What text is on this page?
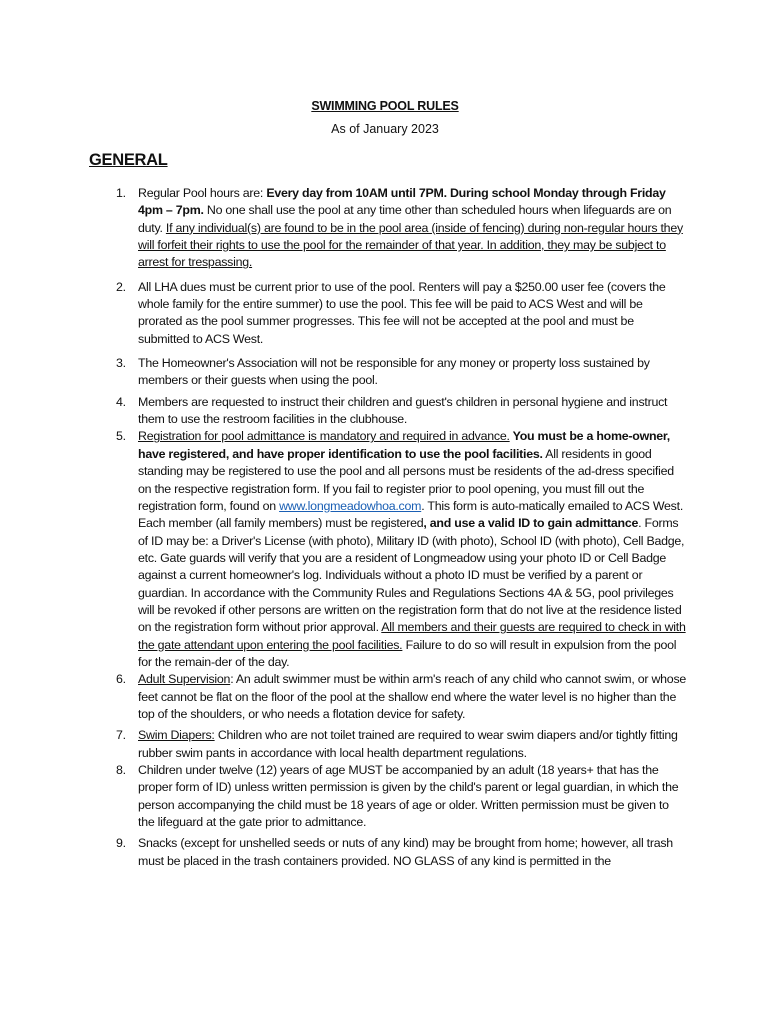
SWIMMING POOL RULES
As of January 2023
GENERAL
1. Regular Pool hours are: Every day from 10AM until 7PM. During school Monday through Friday 4pm – 7pm. No one shall use the pool at any time other than scheduled hours when lifeguards are on duty. If any individual(s) are found to be in the pool area (inside of fencing) during non-regular hours they will forfeit their rights to use the pool for the remainder of that year. In addition, they may be subject to arrest for trespassing.
2. All LHA dues must be current prior to use of the pool. Renters will pay a $250.00 user fee (covers the whole family for the entire summer) to use the pool. This fee will be paid to ACS West and will be prorated as the pool summer progresses. This fee will not be accepted at the pool and must be submitted to ACS West.
3. The Homeowner's Association will not be responsible for any money or property loss sustained by members or their guests when using the pool.
4. Members are requested to instruct their children and guest's children in personal hygiene and instruct them to use the restroom facilities in the clubhouse.
5. Registration for pool admittance is mandatory and required in advance. You must be a home-owner, have registered, and have proper identification to use the pool facilities. All residents in good standing may be registered to use the pool and all persons must be residents of the ad-dress specified on the respective registration form. If you fail to register prior to pool opening, you must fill out the registration form, found on www.longmeadowhoa.com. This form is auto-matically emailed to ACS West. Each member (all family members) must be registered, and use a valid ID to gain admittance. Forms of ID may be: a Driver's License (with photo), Military ID (with photo), School ID (with photo), Cell Badge, etc. Gate guards will verify that you are a resident of Longmeadow using your photo ID or Cell Badge against a current homeowner's log. Individuals without a photo ID must be verified by a parent or guardian. In accordance with the Community Rules and Regulations Sections 4A & 5G, pool privileges will be revoked if other persons are written on the registration form that do not live at the residence listed on the registration form without prior approval. All members and their guests are required to check in with the gate attendant upon entering the pool facilities. Failure to do so will result in expulsion from the pool for the remain-der of the day.
6. Adult Supervision: An adult swimmer must be within arm's reach of any child who cannot swim, or whose feet cannot be flat on the floor of the pool at the shallow end where the water level is no higher than the top of the shoulders, or who needs a flotation device for safety.
7. Swim Diapers: Children who are not toilet trained are required to wear swim diapers and/or tightly fitting rubber swim pants in accordance with local health department regulations.
8. Children under twelve (12) years of age MUST be accompanied by an adult (18 years+ that has the proper form of ID) unless written permission is given by the child's parent or legal guardian, in which the person accompanying the child must be 18 years of age or older. Written permission must be given to the lifeguard at the gate prior to admittance.
9. Snacks (except for unshelled seeds or nuts of any kind) may be brought from home; however, all trash must be placed in the trash containers provided. NO GLASS of any kind is permitted in the
